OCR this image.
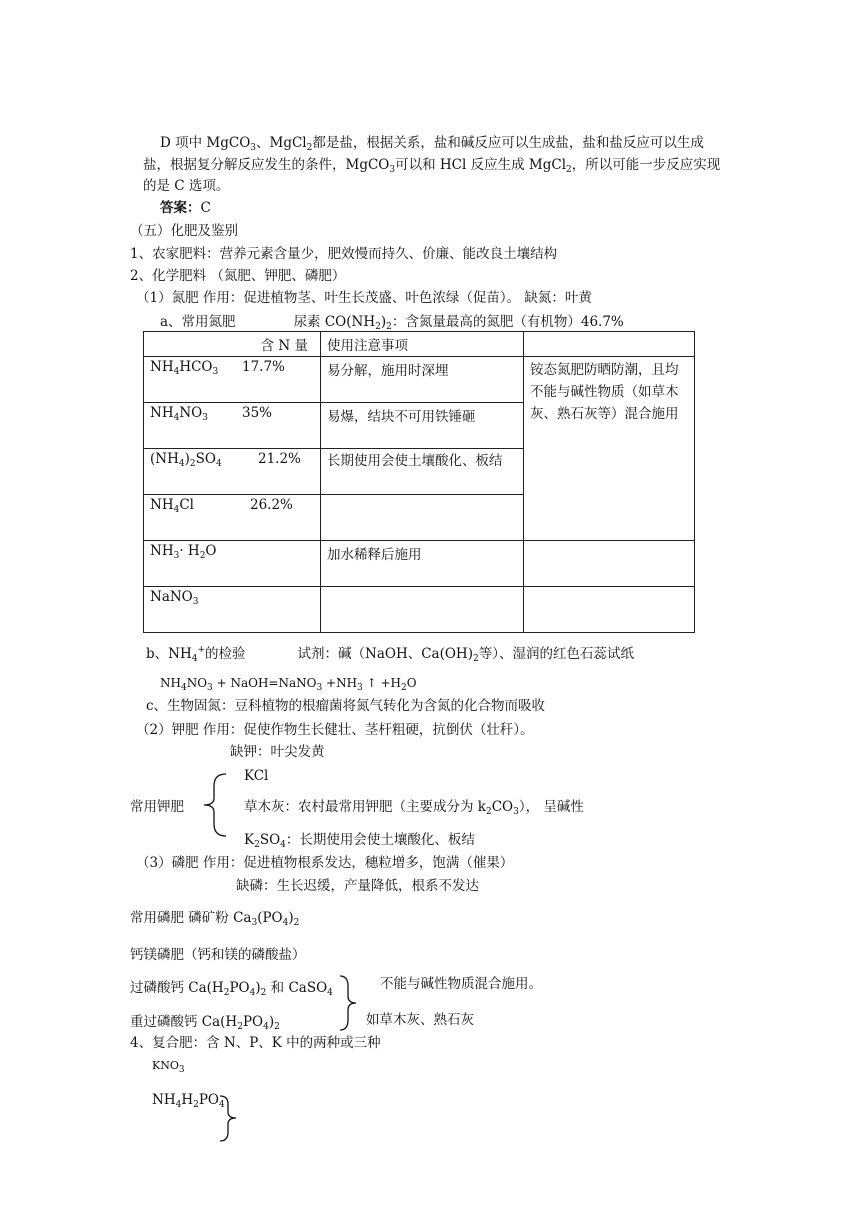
D 项中 MgCO$_3$、MgCl$_2$都是盐，根据关系，盐和碱反应可以生成盐，盐和盐反应可以生成
盐，根据复分解反应发生的条件，MgCO$_3$可以和 HCl 反应生成 MgCl$_2$，所以可能一步反应实现
的是 C 选项。
答案：C
（五）化肥及鉴别
1、农家肥料：营养元素含量少，肥效慢而持久、价廉、能改良土壤结构
2、化学肥料 （氮肥、钾肥、磷肥）
（1）氮肥 作用：促进植物茎、叶生长茂盛、叶色浓绿（促苗）。 缺氮：叶黄
a、常用氮肥	尿素 $CO(NH_2)_2$：含氮量最高的氮肥（有机物）46.7%
含 N 量	使用注意事项	
$NH_4HCO_3$ 17.7%	易分解，施用时深埋	铵态氮肥防晒防潮，且均不能与碱性物质（如草木灰、熟石灰等）混合施用
$NH_4NO_3$ 35%	易爆，结块不可用铁锤砸	
$(NH_4)_2SO_4$ 21.2%	长期使用会使土壤酸化、板结	
$NH_4Cl$ 26.2%		
$NH_3\cdot H_2O$	加水稀释后施用	
NaNO$_3$		
b、$NH_4^+$的检验	试剂：碱（NaOH、$Ca(OH)_2$等）、湿润的红色石蕊试纸
$NH_4NO_3$ + NaOH=NaNO$_3$ $+NH_3$ ↑ $+H_2O$
c、生物固氮：豆科植物的根瘤菌将氮气转化为含氮的化合物而吸收
（2）钾肥 作用：促使作物生长健壮、茎杆粗硬，抗倒伏（壮秆）。
缺钾：叶尖发黄
常用钾肥
KCl
草木灰：农村最常用钾肥（主要成分为 $k_2CO_3$）， 呈碱性
$K_2SO_4$：长期使用会使土壤酸化、板结
（3）磷肥 作用：促进植物根系发达，穗粒增多，饱满（催果）
缺磷：生长迟缓，产量降低，根系不发达
常用磷肥 磷矿粉 $Ca_3(PO_4)_2$
钙镁磷肥（钙和镁的磷酸盐）
过磷酸钙 $Ca(H_2PO_4)_2$ 和 CaSO$_4$
不能与碱性物质混合施用。
重过磷酸钙 $Ca(H_2PO_4)_2$	如草木灰、熟石灰
4、复合肥：含 N、P、K 中的两种或三种
$KNO_3$
$NH_4H_2PO_4$
